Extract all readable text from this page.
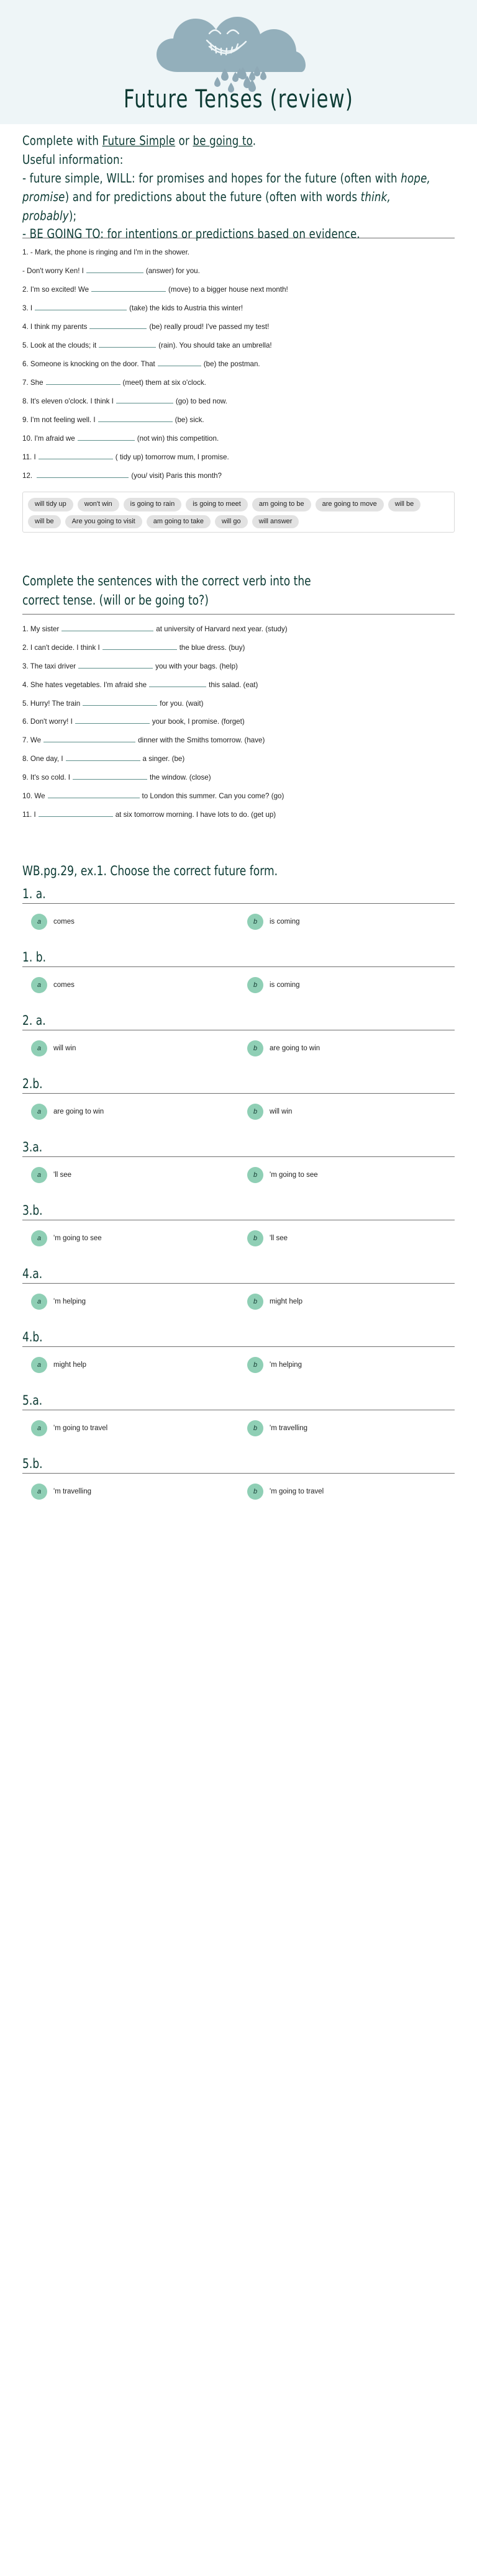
Future Tenses (review)
Complete with Future Simple or be going to.
Useful information:
- future simple, WILL: for promises and hopes for the future (often with hope, promise) and for predictions about the future (often with words think, probably);
- BE GOING TO: for intentions or predictions based on evidence.
1. - Mark, the phone is ringing and I'm in the shower.
- Don't worry Ken! I	(answer) for you.
2. I'm so excited! We	(move) to a bigger house next month!
3. I	(take) the kids to Austria this winter!
4. I think my parents	(be) really proud! I've passed my test!
5. Look at the clouds; it	(rain). You should take an umbrella!
6. Someone is knocking on the door. That	(be) the postman.
7. She	(meet) them at six o'clock.
8. It's eleven o'clock. I think I	(go) to bed now.
9. I'm not feeling well. I	(be) sick.
10. I'm afraid we	(not win) this competition.
11. I	( tidy up) tomorrow mum, I promise.
12.	(you/ visit) Paris this month?
will tidy up	won't win	is going to rain	is going to meet	am going to be	are going to move	will be
will be	Are you going to visit	am going to take	will go	will answer
Complete the sentences with the correct verb into the
correct tense. (will or be going to?)
1. My sister	at university of Harvard next year. (study)
2. I can't decide. I think I	the blue dress. (buy)
3. The taxi driver	you with your bags. (help)
4. She hates vegetables. I'm afraid she	this salad. (eat)
5. Hurry! The train	for you. (wait)
6. Don't worry! I	your book, I promise. (forget)
7. We	dinner with the Smiths tomorrow. (have)
8. One day, I	a singer. (be)
9. It's so cold. I	the window. (close)
10. We	to London this summer. Can you come? (go)
11. I	at six tomorrow morning. I have lots to do. (get up)
WB.pg.29, ex.1. Choose the correct future form.
1. a.
a	comes	b	is coming
1. b.
a	comes	b	is coming
2. a.
a	will win	b	are going to win
2.b.
a	are going to win	b	will win
3.a.
a	'll see	b	'm going to see
3.b.
a	'm going to see	b	'll see
4.a.
a	'm helping	b	might help
4.b.
a	might help	b	'm helping
5.a.
a	'm going to travel	b	'm travelling
5.b.
a	'm travelling	b	'm going to travel
